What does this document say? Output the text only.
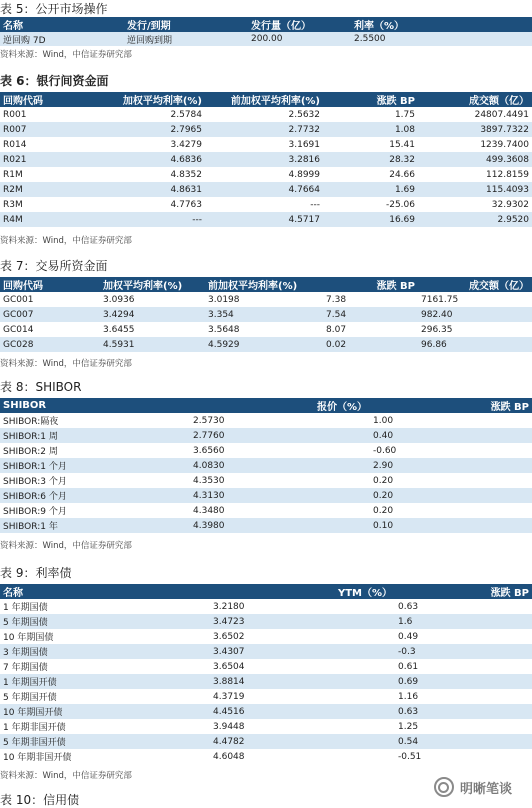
表 5：公开市场操作
名称	发行/到期	发行量（亿）	利率（%）
逆回购 7D	逆回购到期	200.00	2.5500
资料来源：Wind，中信证券研究部
表 6：银行间资金面
回购代码	加权平均利率(%)	前加权平均利率(%)	涨跌 BP	成交额（亿）
R001	2.5784	2.5632	1.75	24807.4491
R007	2.7965	2.7732	1.08	3897.7322
R014	3.4279	3.1691	15.41	1239.7400
R021	4.6836	3.2816	28.32	499.3608
R1M	4.8352	4.8999	24.66	112.8159
R2M	4.8631	4.7664	1.69	115.4093
R3M	4.7763	---	-25.06	32.9302
R4M	---	4.5717	16.69	2.9520
资料来源：Wind，中信证券研究部
表 7：交易所资金面
回购代码	加权平均利率(%)	前加权平均利率(%)	涨跌 BP	成交额（亿）
GC001	3.0936	3.0198	7.38	7161.75
GC007	3.4294	3.354	7.54	982.40
GC014	3.6455	3.5648	8.07	296.35
GC028	4.5931	4.5929	0.02	96.86
资料来源：Wind，中信证券研究部
表 8：SHIBOR
SHIBOR	报价（%）	涨跌 BP
SHIBOR:隔夜	2.5730	1.00
SHIBOR:1 周	2.7760	0.40
SHIBOR:2 周	3.6560	-0.60
SHIBOR:1 个月	4.0830	2.90
SHIBOR:3 个月	4.3530	0.20
SHIBOR:6 个月	4.3130	0.20
SHIBOR:9 个月	4.3480	0.20
SHIBOR:1 年	4.3980	0.10
资料来源：Wind，中信证券研究部
表 9：利率债
名称	YTM（%）	涨跌 BP
1 年期国债	3.2180	0.63
5 年期国债	3.4723	1.6
10 年期国债	3.6502	0.49
3 年期国债	3.4307	-0.3
7 年期国债	3.6504	0.61
1 年期国开债	3.8814	0.69
5 年期国开债	4.3719	1.16
10 年期国开债	4.4516	0.63
1 年期非国开债	3.9448	1.25
5 年期非国开债	4.4782	0.54
10 年期非国开债	4.6048	-0.51
资料来源：Wind，中信证券研究部
表 10：信用债
明晰笔谈
